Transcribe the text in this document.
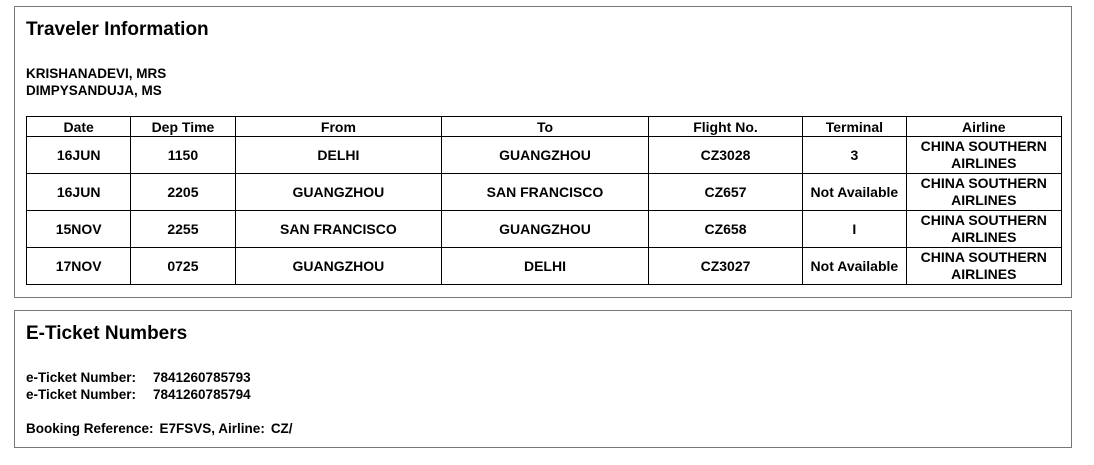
Traveler Information
KRISHANADEVI, MRS
DIMPYSANDUJA, MS
Date	Dep Time	From	To	Flight No.	Terminal	Airline
16JUN	1150	DELHI	GUANGZHOU	CZ3028	3	CHINA SOUTHERN
AIRLINES

16JUN	2205	GUANGZHOU	SAN FRANCISCO	CZ657	Not Available	CHINA SOUTHERN
AIRLINES

15NOV	2255	SAN FRANCISCO	GUANGZHOU	CZ658	I	CHINA SOUTHERN
AIRLINES

17NOV	0725	GUANGZHOU	DELHI	CZ3027	Not Available	CHINA SOUTHERN
AIRLINES
E-Ticket Numbers
e-Ticket Number: 7841260785793
e-Ticket Number: 7841260785794
Booking Reference: E7FSVS, Airline: CZ/
